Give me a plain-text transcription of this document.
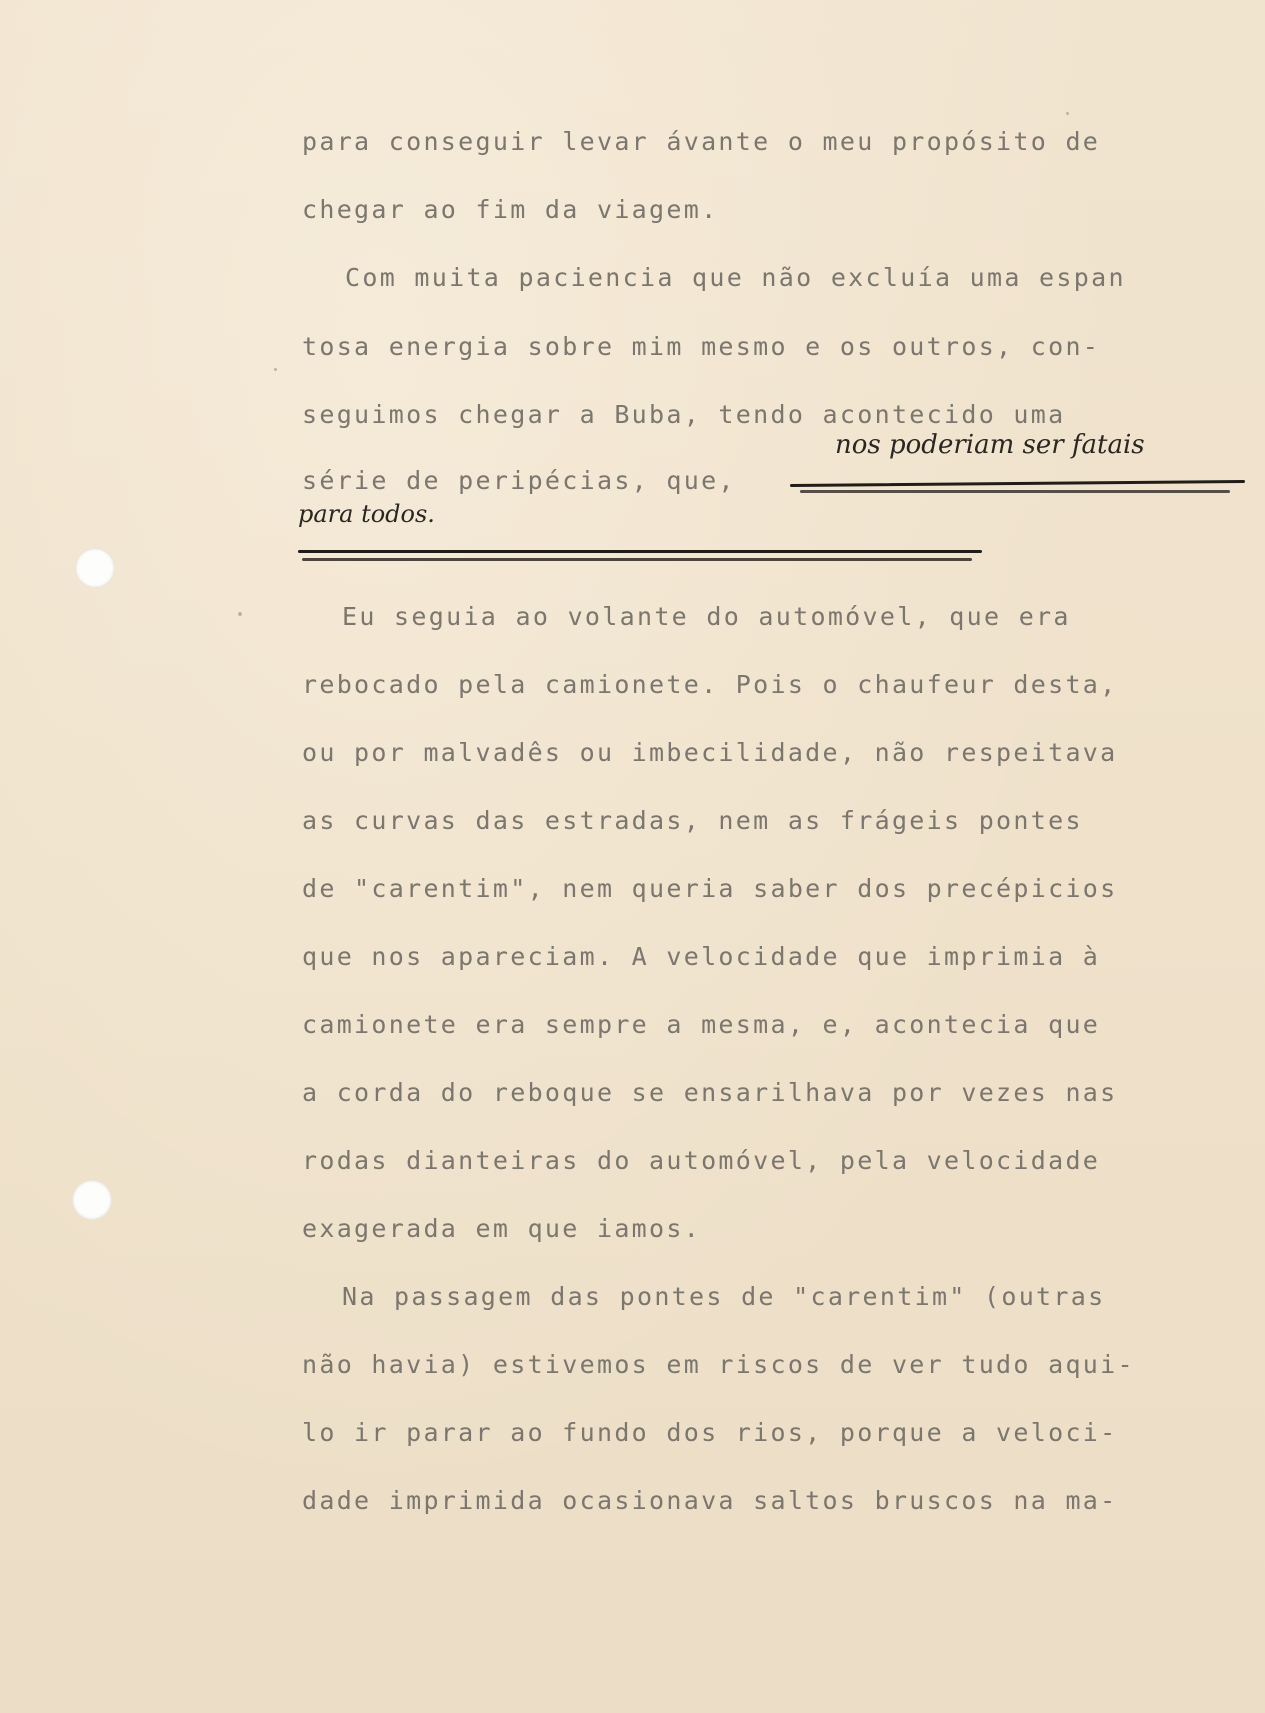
para conseguir levar ávante o meu propósito de

chegar ao fim da viagem.

Com muita paciencia que não excluía uma espan

tosa energia sobre mim mesmo e os outros, con-

seguimos chegar a Buba, tendo acontecido uma

série de peripécias, que,

nos poderiam ser fatais

para todos.

Eu seguia ao volante do automóvel, que era

rebocado pela camionete. Pois o chaufeur desta,

ou por malvadês ou imbecilidade, não respeitava

as curvas das estradas, nem as frágeis pontes

de "carentim", nem queria saber dos precépicios

que nos apareciam. A velocidade que imprimia à

camionete era sempre a mesma, e, acontecia que

a corda do reboque se ensarilhava por vezes nas

rodas dianteiras do automóvel, pela velocidade

exagerada em que iamos.

Na passagem das pontes de "carentim" (outras

não havia) estivemos em riscos de ver tudo aqui-

lo ir parar ao fundo dos rios, porque a veloci-

dade imprimida ocasionava saltos bruscos na ma-
